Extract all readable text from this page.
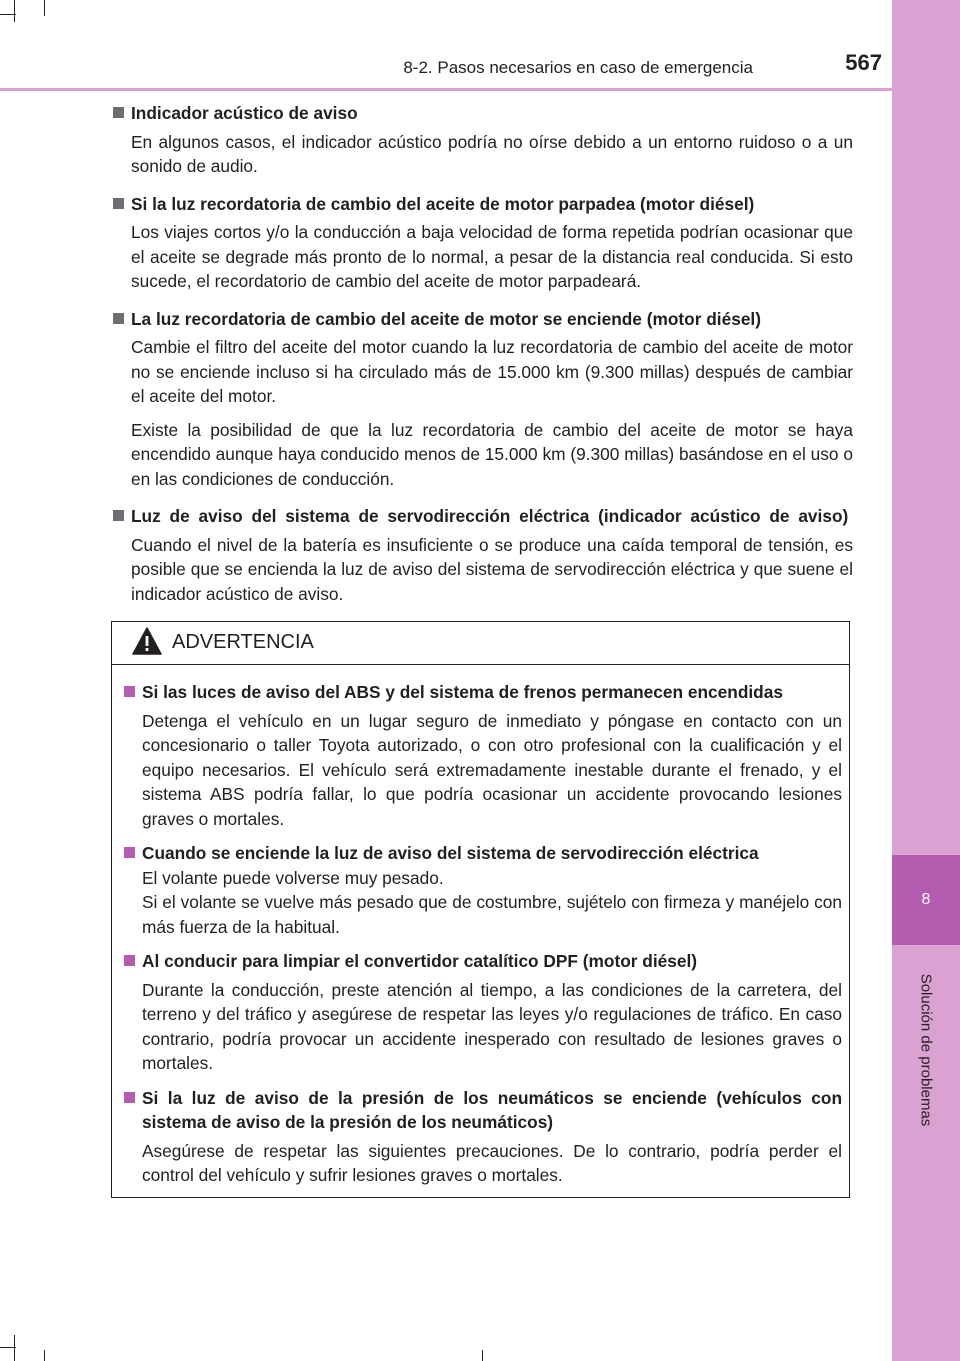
8
Solución de problemas
8-2. Pasos necesarios en caso de emergencia	567
Indicador acústico de aviso
En algunos casos, el indicador acústico podría no oírse debido a un entorno ruidoso o a un sonido de audio.
Si la luz recordatoria de cambio del aceite de motor parpadea (motor diésel)
Los viajes cortos y/o la conducción a baja velocidad de forma repetida podrían ocasionar que el aceite se degrade más pronto de lo normal, a pesar de la distancia real conducida. Si esto sucede, el recordatorio de cambio del aceite de motor parpadeará.
La luz recordatoria de cambio del aceite de motor se enciende (motor diésel)
Cambie el filtro del aceite del motor cuando la luz recordatoria de cambio del aceite de motor no se enciende incluso si ha circulado más de 15.000 km (9.300 millas) después de cambiar el aceite del motor.
Existe la posibilidad de que la luz recordatoria de cambio del aceite de motor se haya encendido aunque haya conducido menos de 15.000 km (9.300 millas) basándose en el uso o en las condiciones de conducción.
Luz de aviso del sistema de servodirección eléctrica (indicador acústico de aviso)
Cuando el nivel de la batería es insuficiente o se produce una caída temporal de tensión, es posible que se encienda la luz de aviso del sistema de servodirección eléctrica y que suene el indicador acústico de aviso.
ADVERTENCIA
Si las luces de aviso del ABS y del sistema de frenos permanecen encendidas
Detenga el vehículo en un lugar seguro de inmediato y póngase en contacto con un concesionario o taller Toyota autorizado, o con otro profesional con la cualificación y el equipo necesarios. El vehículo será extremadamente inestable durante el frenado, y el sistema ABS podría fallar, lo que podría ocasionar un accidente provocando lesiones graves o mortales.
Cuando se enciende la luz de aviso del sistema de servodirección eléctrica
El volante puede volverse muy pesado.
Si el volante se vuelve más pesado que de costumbre, sujételo con firmeza y manéjelo con más fuerza de la habitual.
Al conducir para limpiar el convertidor catalítico DPF (motor diésel)
Durante la conducción, preste atención al tiempo, a las condiciones de la carretera, del terreno y del tráfico y asegúrese de respetar las leyes y/o regulaciones de tráfico. En caso contrario, podría provocar un accidente inesperado con resultado de lesiones graves o mortales.
Si la luz de aviso de la presión de los neumáticos se enciende (vehículos con sistema de aviso de la presión de los neumáticos)
Asegúrese de respetar las siguientes precauciones. De lo contrario, podría perder el control del vehículo y sufrir lesiones graves o mortales.
